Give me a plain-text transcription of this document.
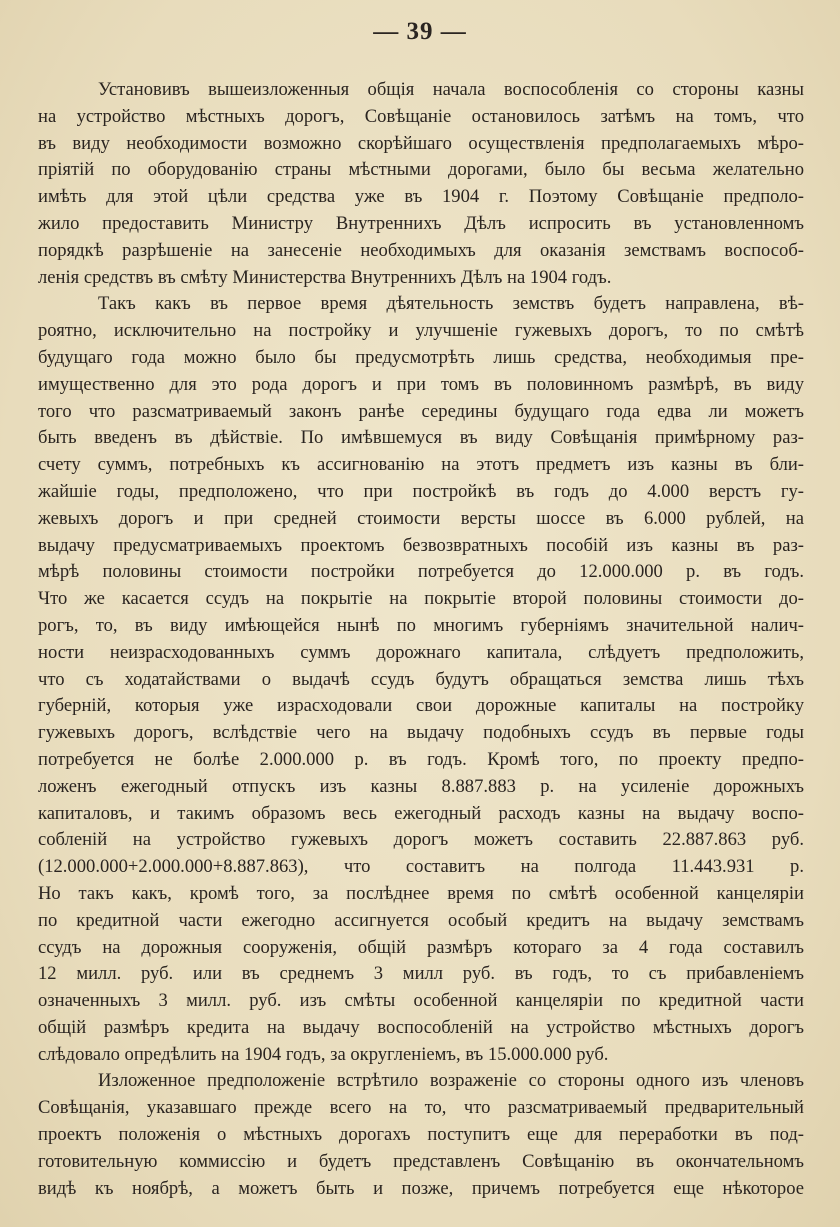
— 39 —
Установивъ вышеизложенныя общія начала воспособленія со стороны казны
на устройство мѣстныхъ дорогъ, Совѣщаніе остановилось затѣмъ на томъ, что
въ виду необходимости возможно скорѣйшаго осуществленія предполагаемыхъ мѣро-
пріятій по оборудованію страны мѣстными дорогами, было бы весьма желательно
имѣть для этой цѣли средства уже въ 1904 г. Поэтому Совѣщаніе предполо-
жило предоставить Министру Внутреннихъ Дѣлъ испросить въ установленномъ
порядкѣ разрѣшеніе на занесеніе необходимыхъ для оказанія земствамъ воспособ-
ленія средствъ въ смѣту Министерства Внутреннихъ Дѣлъ на 1904 годъ.
Такъ какъ въ первое время дѣятельность земствъ будетъ направлена, вѣ-
роятно, исключительно на постройку и улучшеніе гужевыхъ дорогъ, то по смѣтѣ
будущаго года можно было бы предусмотрѣть лишь средства, необходимыя пре-
имущественно для это рода дорогъ и при томъ въ половинномъ размѣрѣ, въ виду
того что разсматриваемый законъ ранѣе середины будущаго года едва ли можетъ
быть введенъ въ дѣйствіе. По имѣвшемуся въ виду Совѣщанія примѣрному раз-
счету суммъ, потребныхъ къ ассигнованію на этотъ предметъ изъ казны въ бли-
жайшіе годы, предположено, что при постройкѣ въ годъ до 4.000 верстъ гу-
жевыхъ дорогъ и при средней стоимости версты шоссе въ 6.000 рублей, на
выдачу предусматриваемыхъ проектомъ безвозвратныхъ пособій изъ казны въ раз-
мѣрѣ половины стоимости постройки потребуется до 12.000.000 р. въ годъ.
Что же касается ссудъ на покрытіе на покрытіе второй половины стоимости до-
рогъ, то, въ виду имѣющейся нынѣ по многимъ губерніямъ значительной налич-
ности неизрасходованныхъ суммъ дорожнаго капитала, слѣдуетъ предположить,
что съ ходатайствами о выдачѣ ссудъ будутъ обращаться земства лишь тѣхъ
губерній, которыя уже израсходовали свои дорожные капиталы на постройку
гужевыхъ дорогъ, вслѣдствіе чего на выдачу подобныхъ ссудъ въ первые годы
потребуется не болѣе 2.000.000 р. въ годъ. Кромѣ того, по проекту предпо-
ложенъ ежегодный отпускъ изъ казны 8.887.883 р. на усиленіе дорожныхъ
капиталовъ, и такимъ образомъ весь ежегодный расходъ казны на выдачу воспо-
собленій на устройство гужевыхъ дорогъ можетъ составить 22.887.863 руб.
(12.000.000+2.000.000+8.887.863), что составитъ на полгода 11.443.931 р.
Но такъ какъ, кромѣ того, за послѣднее время по смѣтѣ особенной канцеляріи
по кредитной части ежегодно ассигнуется особый кредитъ на выдачу земствамъ
ссудъ на дорожныя сооруженія, общій размѣръ котораго за 4 года составилъ
12 милл. руб. или въ среднемъ 3 милл руб. въ годъ, то съ прибавленіемъ
означенныхъ 3 милл. руб. изъ смѣты особенной канцеляріи по кредитной части
общій размѣръ кредита на выдачу воспособленій на устройство мѣстныхъ дорогъ
слѣдовало опредѣлить на 1904 годъ, за округленіемъ, въ 15.000.000 руб.
Изложенное предположеніе встрѣтило возраженіе со стороны одного изъ членовъ
Совѣщанія, указавшаго прежде всего на то, что разсматриваемый предварительный
проектъ положенія о мѣстныхъ дорогахъ поступитъ еще для переработки въ под-
готовительную коммиссію и будетъ представленъ Совѣщанію въ окончательномъ
видѣ къ ноябрѣ, а можетъ быть и позже, причемъ потребуется еще нѣкоторое
